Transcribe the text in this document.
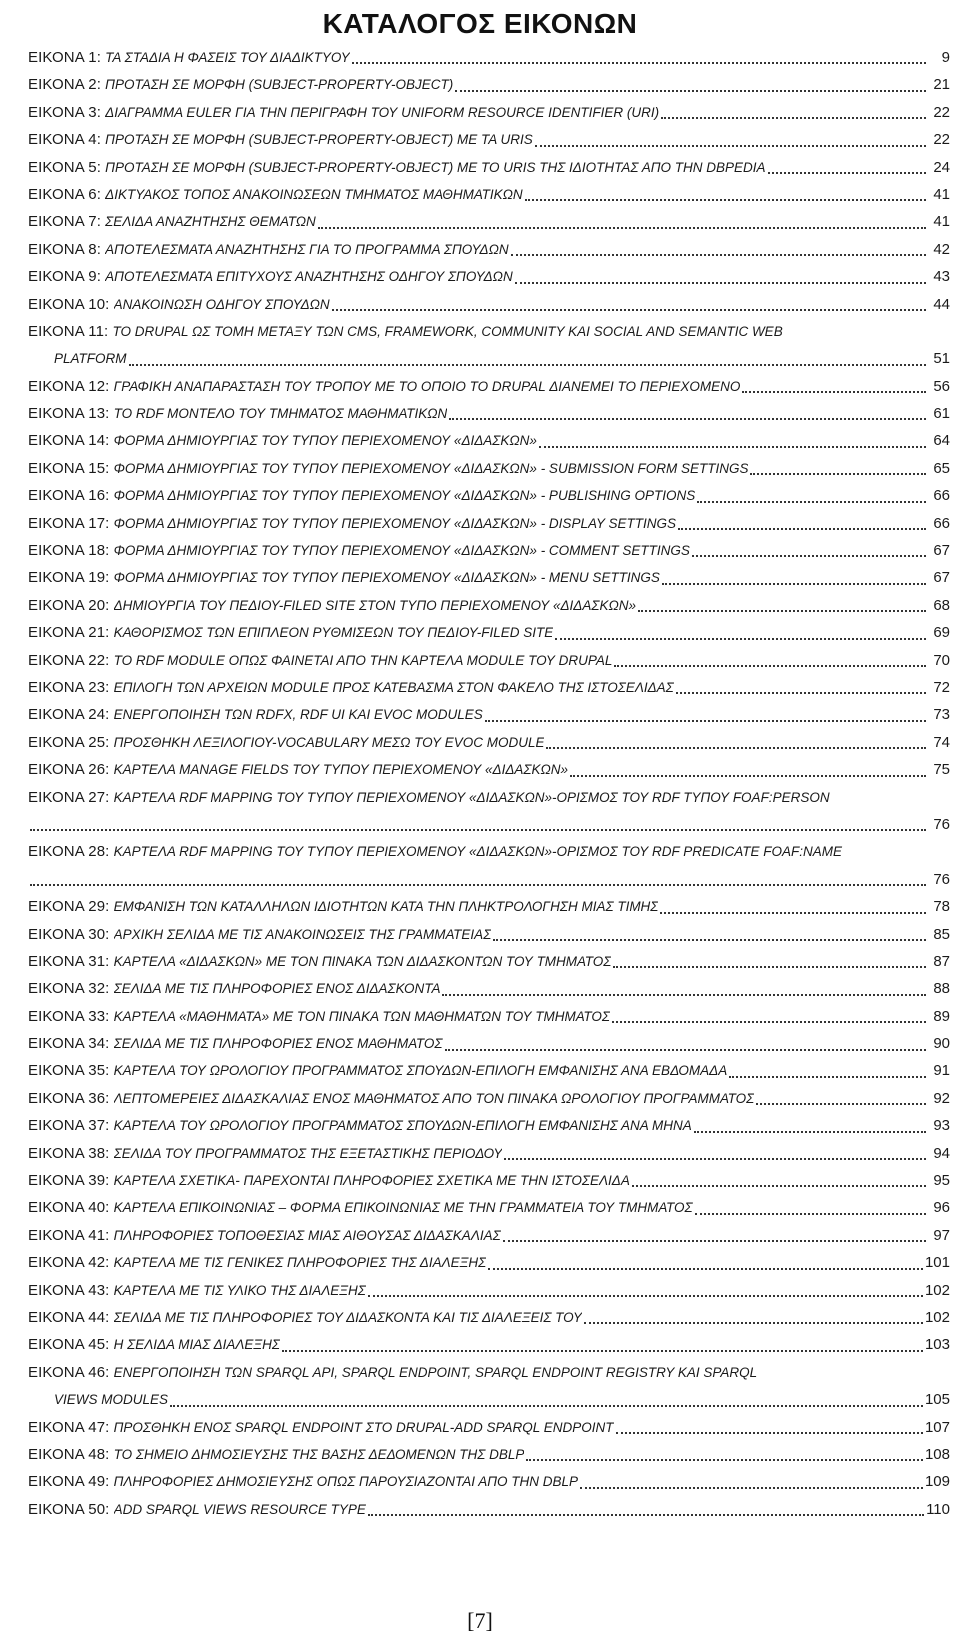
ΚΑΤΑΛΟΓΟΣ ΕΙΚΟΝΩΝ
ΕΙΚΟΝΑ 1:
ΤΑ ΣΤΑΔΙΑ Η ΦΑΣΕΙΣ ΤΟΥ ΔΙΑΔΙΚΤΥΟΥ	9
ΕΙΚΟΝΑ 2:
ΠΡΟΤΑΣΗ ΣΕ ΜΟΡΦΗ (SUBJECT-PROPERTY-OBJECT)	21
ΕΙΚΟΝΑ 3:
ΔΙΑΓΡΑΜΜΑ EULER ΓΙΑ ΤΗΝ ΠΕΡΙΓΡΑΦΗ ΤΟΥ UNIFORM RESOURCE IDENTIFIER (URI)	22
ΕΙΚΟΝΑ 4:
ΠΡΟΤΑΣΗ ΣΕ ΜΟΡΦΗ (SUBJECT-PROPERTY-OBJECT) ΜΕ ΤΑ URIS	22
ΕΙΚΟΝΑ 5:
ΠΡΟΤΑΣΗ ΣΕ ΜΟΡΦΗ (SUBJECT-PROPERTY-OBJECT) ΜΕ ΤΟ URIS ΤΗΣ ΙΔΙΟΤΗΤΑΣ ΑΠΟ ΤΗΝ DBPEDIA	24
ΕΙΚΟΝΑ 6:
ΔΙΚΤΥΑΚΟΣ ΤΟΠΟΣ ΑΝΑΚΟΙΝΩΣΕΩΝ ΤΜΗΜΑΤΟΣ ΜΑΘΗΜΑΤΙΚΩΝ	41
ΕΙΚΟΝΑ 7:
ΣΕΛΙΔΑ ΑΝΑΖΗΤΗΣΗΣ ΘΕΜΑΤΩΝ	41
ΕΙΚΟΝΑ 8:
ΑΠΟΤΕΛΕΣΜΑΤΑ ΑΝΑΖΗΤΗΣΗΣ ΓΙΑ ΤΟ ΠΡΟΓΡΑΜΜΑ ΣΠΟΥΔΩΝ	42
ΕΙΚΟΝΑ 9:
ΑΠΟΤΕΛΕΣΜΑΤΑ ΕΠΙΤΥΧΟΥΣ ΑΝΑΖΗΤΗΣΗΣ ΟΔΗΓΟΥ ΣΠΟΥΔΩΝ	43
ΕΙΚΟΝΑ 10:
ΑΝΑΚΟΙΝΩΣΗ ΟΔΗΓΟΥ ΣΠΟΥΔΩΝ	44
ΕΙΚΟΝΑ 11: ΤΟ DRUPAL ΩΣ ΤΟΜΗ ΜΕΤΑΞΥ ΤΩΝ CMS, FRAMEWORK, COMMUNITY ΚΑΙ SOCIAL AND SEMANTIC WEB
PLATFORM	51
ΕΙΚΟΝΑ 12:
ΓΡΑΦΙΚΗ ΑΝΑΠΑΡΑΣΤΑΣΗ ΤΟΥ ΤΡΟΠΟΥ ΜΕ ΤΟ ΟΠΟΙΟ ΤΟ DRUPAL ΔΙΑΝΕΜΕΙ ΤΟ ΠΕΡΙΕΧΟΜΕΝΟ	56
ΕΙΚΟΝΑ 13:
ΤΟ RDF ΜΟΝΤΕΛΟ ΤΟΥ ΤΜΗΜΑΤΟΣ ΜΑΘΗΜΑΤΙΚΩΝ	61
ΕΙΚΟΝΑ 14:
ΦΟΡΜΑ ΔΗΜΙΟΥΡΓΙΑΣ ΤΟΥ ΤΥΠΟΥ ΠΕΡΙΕΧΟΜΕΝΟΥ «ΔΙΔΑΣΚΩΝ»	64
ΕΙΚΟΝΑ 15:
ΦΟΡΜΑ ΔΗΜΙΟΥΡΓΙΑΣ ΤΟΥ ΤΥΠΟΥ ΠΕΡΙΕΧΟΜΕΝΟΥ «ΔΙΔΑΣΚΩΝ» - SUBMISSION FORM SETTINGS	65
ΕΙΚΟΝΑ 16:
ΦΟΡΜΑ ΔΗΜΙΟΥΡΓΙΑΣ ΤΟΥ ΤΥΠΟΥ ΠΕΡΙΕΧΟΜΕΝΟΥ «ΔΙΔΑΣΚΩΝ» - PUBLISHING OPTIONS	66
ΕΙΚΟΝΑ 17:
ΦΟΡΜΑ ΔΗΜΙΟΥΡΓΙΑΣ ΤΟΥ ΤΥΠΟΥ ΠΕΡΙΕΧΟΜΕΝΟΥ «ΔΙΔΑΣΚΩΝ» - DISPLAY SETTINGS	66
ΕΙΚΟΝΑ 18:
ΦΟΡΜΑ ΔΗΜΙΟΥΡΓΙΑΣ ΤΟΥ ΤΥΠΟΥ ΠΕΡΙΕΧΟΜΕΝΟΥ «ΔΙΔΑΣΚΩΝ» - COMMENT SETTINGS	67
ΕΙΚΟΝΑ 19:
ΦΟΡΜΑ ΔΗΜΙΟΥΡΓΙΑΣ ΤΟΥ ΤΥΠΟΥ ΠΕΡΙΕΧΟΜΕΝΟΥ «ΔΙΔΑΣΚΩΝ» - MENU SETTINGS	67
ΕΙΚΟΝΑ 20:
ΔΗΜΙΟΥΡΓΙΑ ΤΟΥ ΠΕΔΙΟΥ-FILED SITE ΣΤΟΝ ΤΥΠΟ ΠΕΡΙΕΧΟΜΕΝΟΥ «ΔΙΔΑΣΚΩΝ»	68
ΕΙΚΟΝΑ 21:
ΚΑΘΟΡΙΣΜΟΣ ΤΩΝ ΕΠΙΠΛΕΟΝ ΡΥΘΜΙΣΕΩΝ ΤΟΥ ΠΕΔΙΟΥ-FILED SITE	69
ΕΙΚΟΝΑ 22:
ΤΟ RDF MODULE ΟΠΩΣ ΦΑΙΝΕΤΑΙ ΑΠΟ ΤΗΝ ΚΑΡΤΕΛΑ MODULE ΤΟΥ DRUPAL	70
ΕΙΚΟΝΑ 23:
ΕΠΙΛΟΓΗ ΤΩΝ ΑΡΧΕΙΩΝ MODULE ΠΡΟΣ ΚΑΤΕΒΑΣΜΑ ΣΤΟΝ ΦΑΚΕΛΟ ΤΗΣ ΙΣΤΟΣΕΛΙΔΑΣ	72
ΕΙΚΟΝΑ 24:
ΕΝΕΡΓΟΠΟΙΗΣΗ ΤΩΝ RDFX, RDF UI ΚΑΙ EVOC MODULES	73
ΕΙΚΟΝΑ 25:
ΠΡΟΣΘΗΚΗ ΛΕΞΙΛΟΓΙΟΥ-VOCABULARY ΜΕΣΩ ΤΟΥ EVOC MODULE	74
ΕΙΚΟΝΑ 26:
ΚΑΡΤΕΛΑ MANAGE FIELDS ΤΟΥ ΤΥΠΟΥ ΠΕΡΙΕΧΟΜΕΝΟΥ «ΔΙΔΑΣΚΩΝ»	75
ΕΙΚΟΝΑ 27: ΚΑΡΤΕΛΑ RDF MAPPING ΤΟΥ ΤΥΠΟΥ ΠΕΡΙΕΧΟΜΕΝΟΥ «ΔΙΔΑΣΚΩΝ»-ΟΡΙΣΜΟΣ ΤΟΥ RDF ΤΥΠΟΥ FOAF:PERSON
76
ΕΙΚΟΝΑ 28: ΚΑΡΤΕΛΑ RDF MAPPING ΤΟΥ ΤΥΠΟΥ ΠΕΡΙΕΧΟΜΕΝΟΥ «ΔΙΔΑΣΚΩΝ»-ΟΡΙΣΜΟΣ ΤΟΥ RDF PREDICATE FOAF:NAME
76
ΕΙΚΟΝΑ 29:
ΕΜΦΑΝΙΣΗ ΤΩΝ ΚΑΤΑΛΛΗΛΩΝ ΙΔΙΟΤΗΤΩΝ ΚΑΤΑ ΤΗΝ ΠΛΗΚΤΡΟΛΟΓΗΣΗ ΜΙΑΣ ΤΙΜΗΣ	78
ΕΙΚΟΝΑ 30:
ΑΡΧΙΚΗ ΣΕΛΙΔΑ ΜΕ ΤΙΣ ΑΝΑΚΟΙΝΩΣΕΙΣ ΤΗΣ ΓΡΑΜΜΑΤΕΙΑΣ	85
ΕΙΚΟΝΑ 31:
ΚΑΡΤΕΛΑ «ΔΙΔΑΣΚΩΝ» ΜΕ ΤΟΝ ΠΙΝΑΚΑ ΤΩΝ ΔΙΔΑΣΚΟΝΤΩΝ ΤΟΥ ΤΜΗΜΑΤΟΣ	87
ΕΙΚΟΝΑ 32:
ΣΕΛΙΔΑ ΜΕ ΤΙΣ ΠΛΗΡΟΦΟΡΙΕΣ ΕΝΟΣ ΔΙΔΑΣΚΟΝΤΑ	88
ΕΙΚΟΝΑ 33:
ΚΑΡΤΕΛΑ «ΜΑΘΗΜΑΤΑ» ΜΕ ΤΟΝ ΠΙΝΑΚΑ ΤΩΝ ΜΑΘΗΜΑΤΩΝ ΤΟΥ ΤΜΗΜΑΤΟΣ	89
ΕΙΚΟΝΑ 34:
ΣΕΛΙΔΑ ΜΕ ΤΙΣ ΠΛΗΡΟΦΟΡΙΕΣ ΕΝΟΣ ΜΑΘΗΜΑΤΟΣ	90
ΕΙΚΟΝΑ 35:
ΚΑΡΤΕΛΑ ΤΟΥ ΩΡΟΛΟΓΙΟΥ ΠΡΟΓΡΑΜΜΑΤΟΣ ΣΠΟΥΔΩΝ-ΕΠΙΛΟΓΗ ΕΜΦΑΝΙΣΗΣ ΑΝΑ ΕΒΔΟΜΑΔΑ	91
ΕΙΚΟΝΑ 36:
ΛΕΠΤΟΜΕΡΕΙΕΣ ΔΙΔΑΣΚΑΛΙΑΣ ΕΝΟΣ ΜΑΘΗΜΑΤΟΣ ΑΠΟ ΤΟΝ ΠΙΝΑΚΑ ΩΡΟΛΟΓΙΟΥ ΠΡΟΓΡΑΜΜΑΤΟΣ	92
ΕΙΚΟΝΑ 37:
ΚΑΡΤΕΛΑ ΤΟΥ ΩΡΟΛΟΓΙΟΥ ΠΡΟΓΡΑΜΜΑΤΟΣ ΣΠΟΥΔΩΝ-ΕΠΙΛΟΓΗ ΕΜΦΑΝΙΣΗΣ ΑΝΑ ΜΗΝΑ	93
ΕΙΚΟΝΑ 38:
ΣΕΛΙΔΑ ΤΟΥ ΠΡΟΓΡΑΜΜΑΤΟΣ ΤΗΣ ΕΞΕΤΑΣΤΙΚΗΣ ΠΕΡΙΟΔΟΥ	94
ΕΙΚΟΝΑ 39:
ΚΑΡΤΕΛΑ ΣΧΕΤΙΚΑ- ΠΑΡΕΧΟΝΤΑΙ ΠΛΗΡΟΦΟΡΙΕΣ ΣΧΕΤΙΚΑ ΜΕ ΤΗΝ ΙΣΤΟΣΕΛΙΔΑ	95
ΕΙΚΟΝΑ 40:
ΚΑΡΤΕΛΑ ΕΠΙΚΟΙΝΩΝΙΑΣ – ΦΟΡΜΑ ΕΠΙΚΟΙΝΩΝΙΑΣ ΜΕ ΤΗΝ ΓΡΑΜΜΑΤΕΙΑ ΤΟΥ ΤΜΗΜΑΤΟΣ	96
ΕΙΚΟΝΑ 41:
ΠΛΗΡΟΦΟΡΙΕΣ ΤΟΠΟΘΕΣΙΑΣ ΜΙΑΣ ΑΙΘΟΥΣΑΣ ΔΙΔΑΣΚΑΛΙΑΣ	97
ΕΙΚΟΝΑ 42:
ΚΑΡΤΕΛΑ ΜΕ ΤΙΣ ΓΕΝΙΚΕΣ ΠΛΗΡΟΦΟΡΙΕΣ ΤΗΣ ΔΙΑΛΕΞΗΣ	101
ΕΙΚΟΝΑ 43:
ΚΑΡΤΕΛΑ ΜΕ ΤΙΣ ΥΛΙΚΟ ΤΗΣ ΔΙΑΛΕΞΗΣ	102
ΕΙΚΟΝΑ 44:
ΣΕΛΙΔΑ ΜΕ ΤΙΣ ΠΛΗΡΟΦΟΡΙΕΣ ΤΟΥ ΔΙΔΑΣΚΟΝΤΑ ΚΑΙ ΤΙΣ ΔΙΑΛΕΞΕΙΣ ΤΟΥ	102
ΕΙΚΟΝΑ 45:
Η ΣΕΛΙΔΑ ΜΙΑΣ ΔΙΑΛΕΞΗΣ	103
ΕΙΚΟΝΑ 46: ΕΝΕΡΓΟΠΟΙΗΣΗ ΤΩΝ SPARQL API, SPARQL ENDPOINT, SPARQL ENDPOINT REGISTRY ΚΑΙ SPARQL
VIEWS MODULES	105
ΕΙΚΟΝΑ 47:
ΠΡΟΣΘΗΚΗ ΕΝΟΣ SPARQL ENDPOINT ΣΤΟ DRUPAL-ADD SPARQL ENDPOINT	107
ΕΙΚΟΝΑ 48:
ΤΟ ΣΗΜΕΙΟ ΔΗΜΟΣΙΕΥΣΗΣ ΤΗΣ ΒΑΣΗΣ ΔΕΔΟΜΕΝΩΝ ΤΗΣ DBLP	108
ΕΙΚΟΝΑ 49:
ΠΛΗΡΟΦΟΡΙΕΣ ΔΗΜΟΣΙΕΥΣΗΣ ΟΠΩΣ ΠΑΡΟΥΣΙΑΖΟΝΤΑΙ ΑΠΟ ΤΗΝ DBLP	109
ΕΙΚΟΝΑ 50:
ADD SPARQL VIEWS RESOURCE TYPE	110
[7]
